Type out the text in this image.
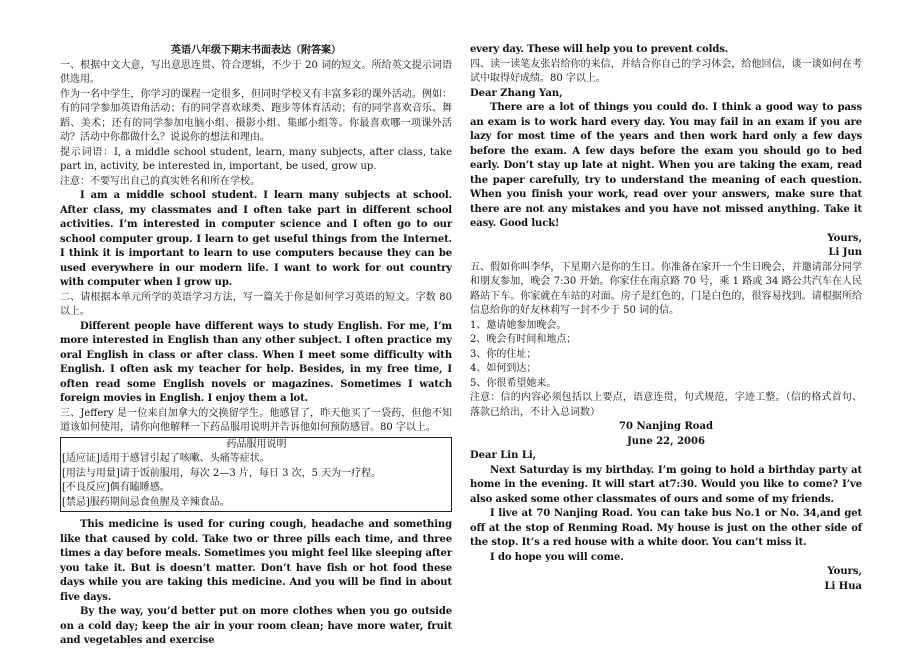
英语八年级下期末书面表达（附答案）

一、根据中文大意，写出意思连贯、符合逻辑，不少于 20 词的短文。所给英文提示词语供选用。

作为一名中学生，你学习的课程一定很多，但同时学校又有丰富多彩的课外活动。例如：有的同学参加英语角活动；有的同学喜欢球类、跑步等体育活动；有的同学喜欢音乐、舞蹈、美术；还有的同学参加电脑小组、摄影小组、集邮小组等。你最喜欢哪一项课外活动？活动中你都做什么？说说你的想法和理由。

提示词语：I, a middle school student, learn, many subjects, after class, take part in, activity, be interested in, important, be used, grow up.

注意：不要写出自己的真实姓名和所在学校。

I am a middle school student. I learn many subjects at school. After class, my classmates and I often take part in different school activities. I’m interested in computer science and I often go to our school computer group. I learn to get useful things from the Internet. I think it is important to learn to use computers because they can be used everywhere in our modern life. I want to work for out country with computer when I grow up.

二、请根据本单元所学的英语学习方法，写一篇关于你是如何学习英语的短文。字数 80 以上。

Different people have different ways to study English. For me, I’m more interested in English than any other subject. I often practice my oral English in class or after class. When I meet some difficulty with English. I often ask my teacher for help. Besides, in my free time, I often read some English novels or magazines. Sometimes I watch foreign movies in English. I enjoy them a lot.

三、Jeffery 是一位来自加拿大的交换留学生。他感冒了，昨天他买了一袋药，但他不知道该如何使用，请你向他解释一下药品服用说明并告诉他如何预防感冒。80 字以上。

药品服用说明

[适应证]适用于感冒引起了咳嗽、头痛等症状。

[用法与用量]请于饭前服用，每次 2—3 片，每日 3 次，5 天为一疗程。

[不良反应]偶有瞌睡感。

[禁忌]服药期间忌食鱼腥及辛辣食品。

This medicine is used for curing cough, headache and something like that caused by cold. Take two or three pills each time, and three times a day before meals. Sometimes you might feel like sleeping after you take it. But is doesn’t matter. Don’t have fish or hot food these days while you are taking this medicine. And you will be find in about five days.

By the way, you’d better put on more clothes when you go outside on a cold day; keep the air in your room clean; have more water, fruit and vegetables and exercise

every day. These will help you to prevent colds.

四、读一读笔友张岩给你的来信，并结合你自己的学习体会，给他回信，谈一谈如何在考试中取得好成绩。80 字以上。

Dear Zhang Yan,

There are a lot of things you could do. I think a good way to pass an exam is to work hard every day. You may fail in an exam if you are lazy for most time of the years and then work hard only a few days before the exam. A few days before the exam you should go to bed early. Don’t stay up late at night. When you are taking the exam, read the paper carefully, try to understand the meaning of each question. When you finish your work, read over your answers, make sure that there are not any mistakes and you have not missed anything. Take it easy. Good luck!

Yours,

Li Jun

五、假如你叫李华，下星期六是你的生日。你准备在家开一个生日晚会，并邀请部分同学和朋友参加，晚会 7:30 开始。你家住在南京路 70 号，乘 1 路或 34 路公共汽车在人民路站下车。你家就在车站的对面。房子是红色的，门是白色的，很容易找到。请根据所给信息给你的好友林莉写一封不少于 50 词的信。

1、邀请她参加晚会。

2、晚会有时间和地点；

3、你的住址；

4、如何到达；

5、你很希望她来。

注意：信的内容必须包括以上要点，语意连贯，句式规范，字迹工整。（信的格式首句、落款已给出，不计入总词数）

70 Nanjing Road

June 22, 2006

Dear Lin Li,

Next Saturday is my birthday. I’m going to hold a birthday party at home in the evening. It will start at7:30. Would you like to come? I’ve also asked some other classmates of ours and some of my friends.

I live at 70 Nanjing Road. You can take bus No.1 or No. 34,and get off at the stop of Renming Road. My house is just on the other side of the stop. It’s a red house with a white door. You can’t miss it.

I do hope you will come.

Yours,

Li Hua
